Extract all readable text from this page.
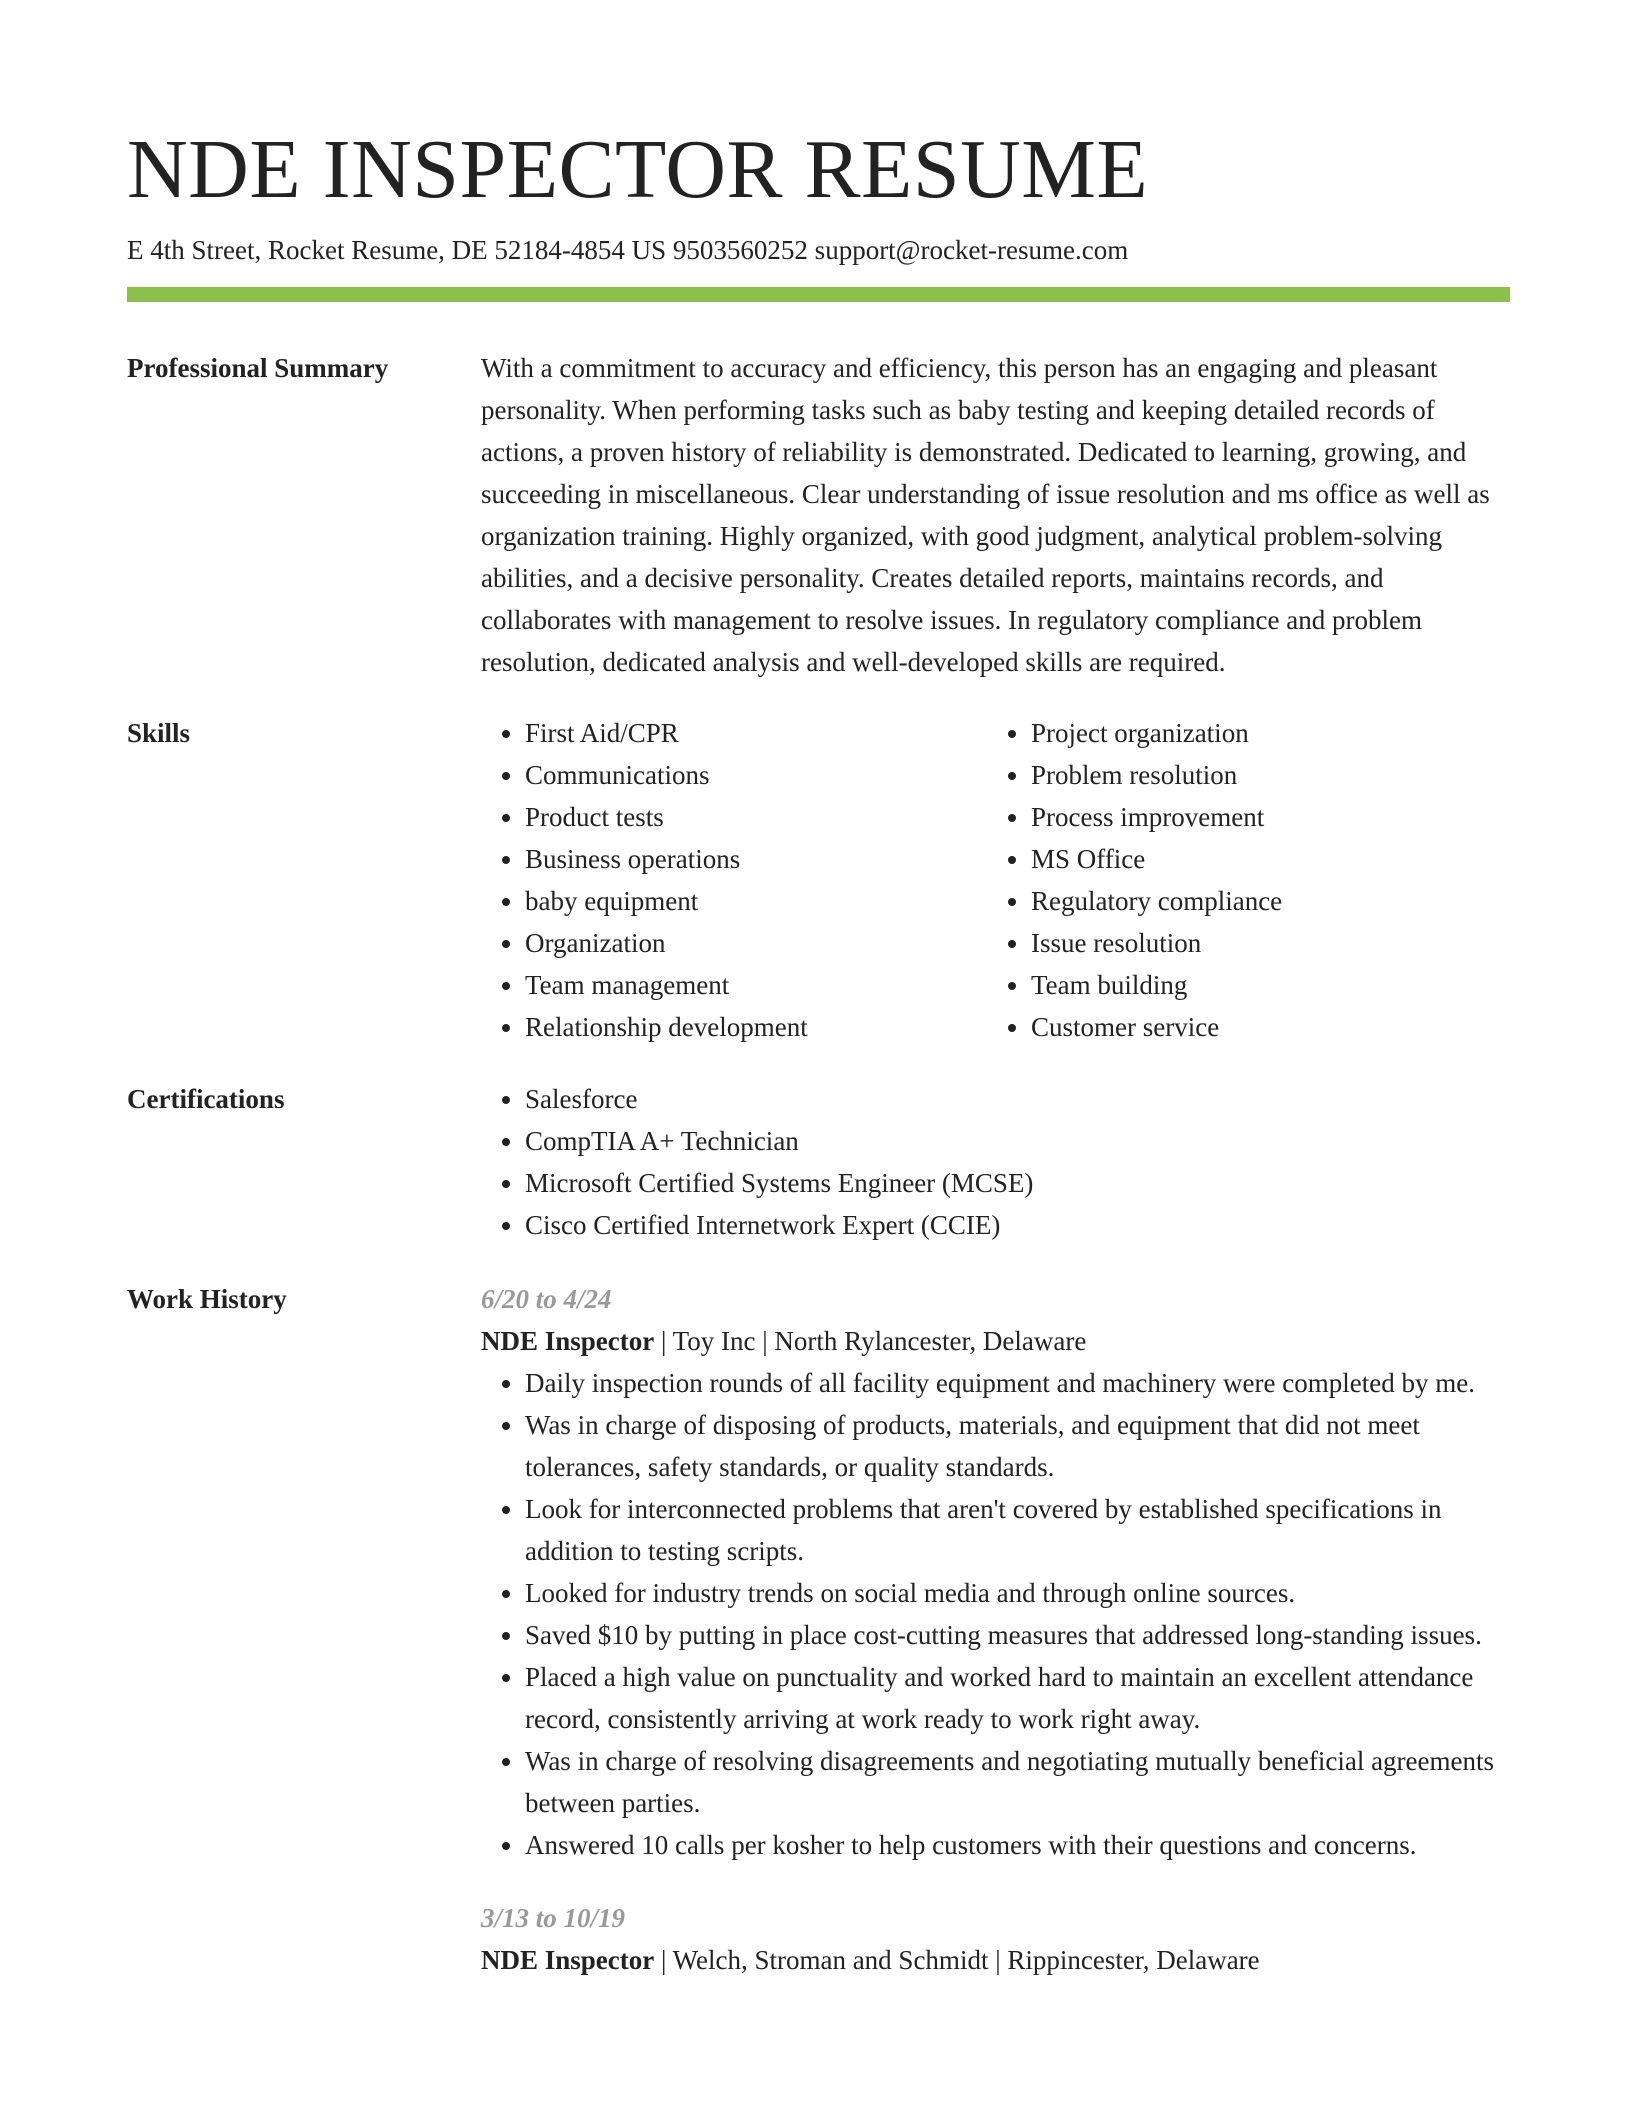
NDE INSPECTOR RESUME
E 4th Street, Rocket Resume, DE 52184-4854 US 9503560252 support@rocket-resume.com
Professional Summary	With a commitment to accuracy and efficiency, this person has an engaging and pleasant personality. When performing tasks such as baby testing and keeping detailed records of actions, a proven history of reliability is demonstrated. Dedicated to learning, growing, and succeeding in miscellaneous. Clear understanding of issue resolution and ms office as well as organization training. Highly organized, with good judgment, analytical problem-solving abilities, and a decisive personality. Creates detailed reports, maintains records, and collaborates with management to resolve issues. In regulatory compliance and problem resolution, dedicated analysis and well-developed skills are required.

Skills	• First Aid/CPR
• Communications
• Product tests
• Business operations
• baby equipment
• Organization
• Team management
• Relationship development
• Project organization
• Problem resolution
• Process improvement
• MS Office
• Regulatory compliance
• Issue resolution
• Team building
• Customer service
Certifications	• Salesforce
• CompTIA A+ Technician
• Microsoft Certified Systems Engineer (MCSE)
• Cisco Certified Internetwork Expert (CCIE)
Work History	6/20 to 4/24
NDE Inspector | Toy Inc | North Rylancester, Delaware
• Daily inspection rounds of all facility equipment and machinery were completed by me.
• Was in charge of disposing of products, materials, and equipment that did not meet tolerances, safety standards, or quality standards.
• Look for interconnected problems that aren't covered by established specifications in addition to testing scripts.
• Looked for industry trends on social media and through online sources.
• Saved $10 by putting in place cost-cutting measures that addressed long-standing issues.
• Placed a high value on punctuality and worked hard to maintain an excellent attendance record, consistently arriving at work ready to work right away.
• Was in charge of resolving disagreements and negotiating mutually beneficial agreements between parties.
• Answered 10 calls per kosher to help customers with their questions and concerns.
3/13 to 10/19
NDE Inspector | Welch, Stroman and Schmidt | Rippincester, Delaware
